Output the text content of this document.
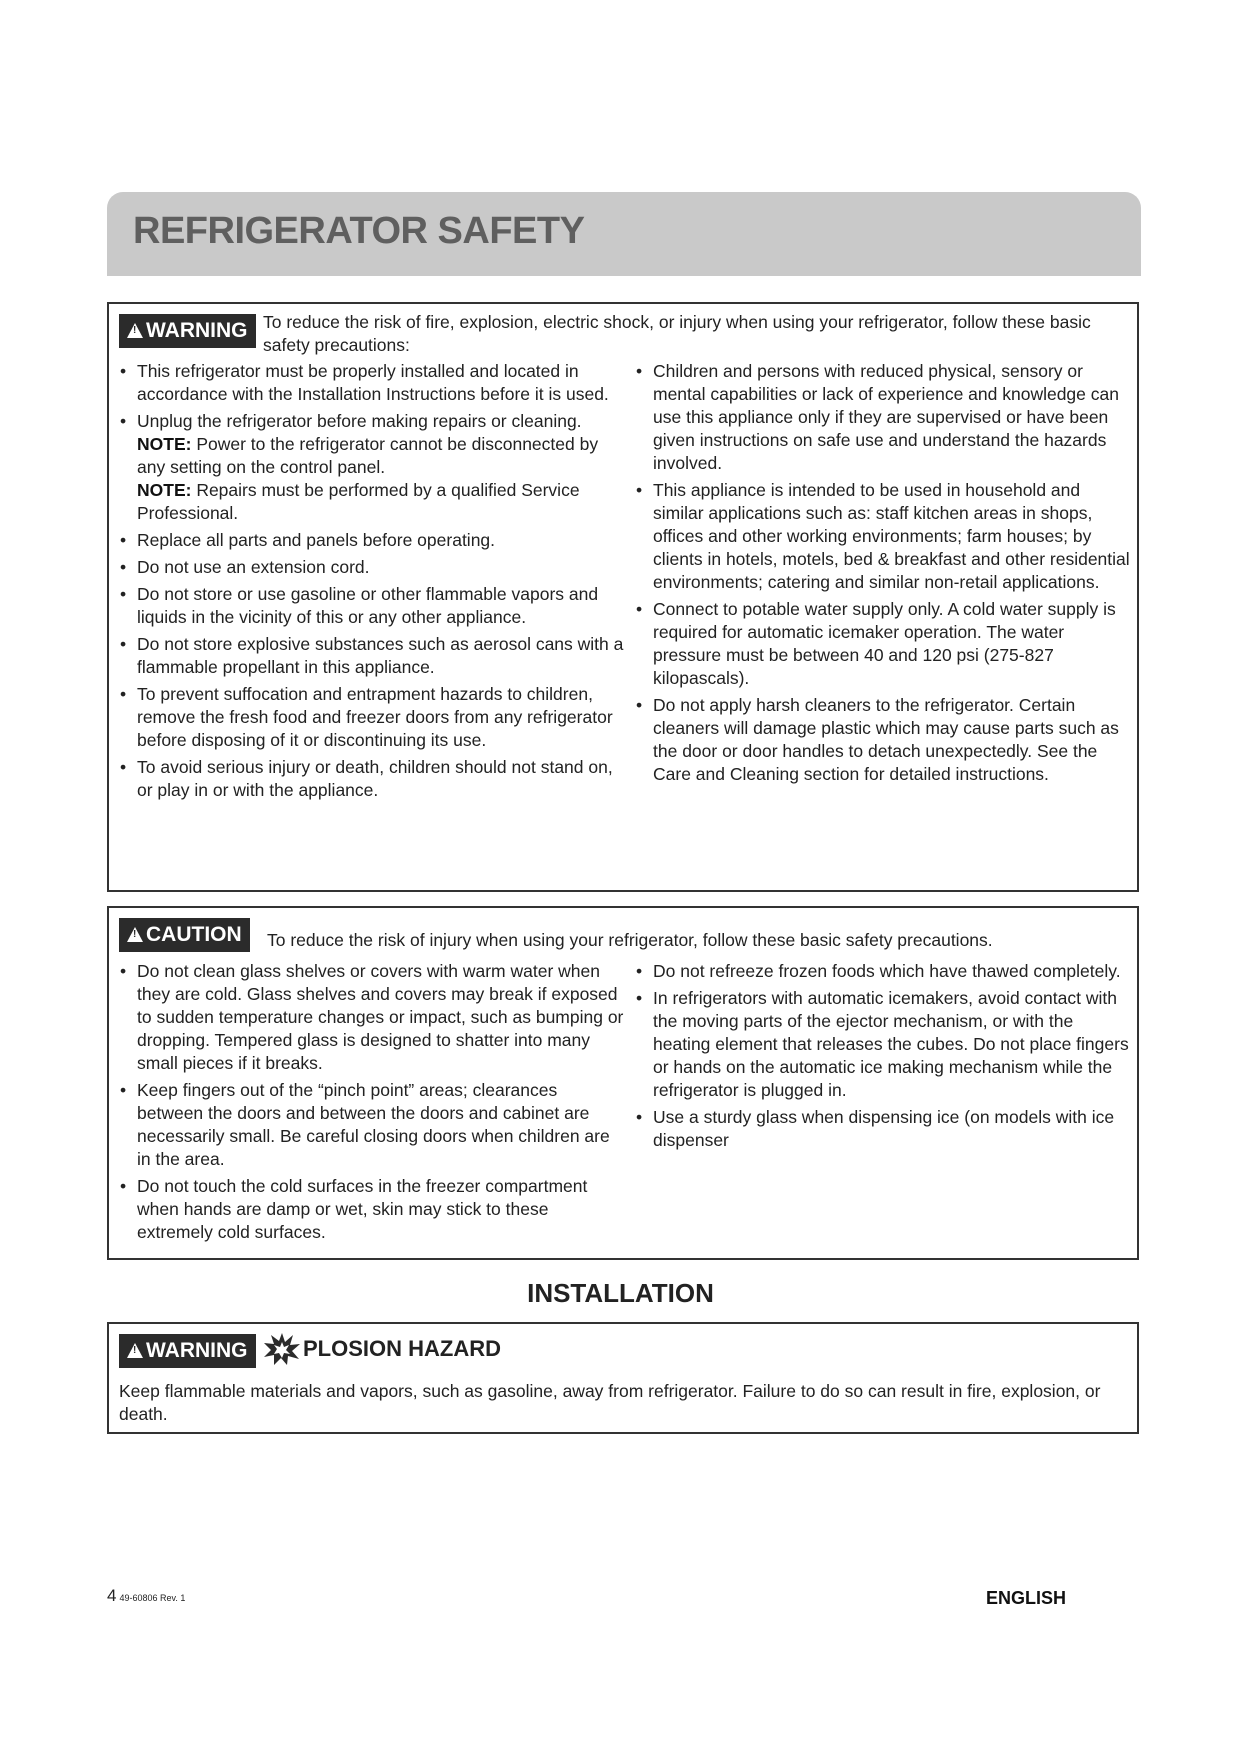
REFRIGERATOR SAFETY
!WARNING To reduce the risk of fire, explosion, electric shock, or injury when using your refrigerator, follow these basic safety precautions:
• This refrigerator must be properly installed and located in accordance with the Installation Instructions before it is used.
• Unplug the refrigerator before making repairs or cleaning.
NOTE: Power to the refrigerator cannot be disconnected by any setting on the control panel.
NOTE: Repairs must be performed by a qualified Service Professional.
• Replace all parts and panels before operating.
• Do not use an extension cord.
• Do not store or use gasoline or other flammable vapors and liquids in the vicinity of this or any other appliance.
• Do not store explosive substances such as aerosol cans with a flammable propellant in this appliance.
• To prevent suffocation and entrapment hazards to children, remove the fresh food and freezer doors from any refrigerator before disposing of it or discontinuing its use.
• To avoid serious injury or death, children should not stand on, or play in or with the appliance.
• Children and persons with reduced physical, sensory or mental capabilities or lack of experience and knowledge can use this appliance only if they are supervised or have been given instructions on safe use and understand the hazards involved.
• This appliance is intended to be used in household and similar applications such as: staff kitchen areas in shops, offices and other working environments; farm houses; by clients in hotels, motels, bed & breakfast and other residential environments; catering and similar non-retail applications.
• Connect to potable water supply only. A cold water supply is required for automatic icemaker operation. The water pressure must be between 40 and 120 psi (275-827 kilopascals).
• Do not apply harsh cleaners to the refrigerator. Certain cleaners will damage plastic which may cause parts such as the door or door handles to detach unexpectedly. See the Care and Cleaning section for detailed instructions.
!CAUTION	To reduce the risk of injury when using your refrigerator, follow these basic safety precautions.
• Do not clean glass shelves or covers with warm water when they are cold. Glass shelves and covers may break if exposed to sudden temperature changes or impact, such as bumping or dropping. Tempered glass is designed to shatter into many small pieces if it breaks.
• Keep fingers out of the “pinch point” areas; clearances between the doors and between the doors and cabinet are necessarily small. Be careful closing doors when children are in the area.
• Do not touch the cold surfaces in the freezer compartment when hands are damp or wet, skin may stick to these extremely cold surfaces.
• Do not refreeze frozen foods which have thawed completely.
• In refrigerators with automatic icemakers, avoid contact with the moving parts of the ejector mechanism, or with the heating element that releases the cubes. Do not place fingers or hands on the automatic ice making mechanism while the refrigerator is plugged in.
• Use a sturdy glass when dispensing ice (on models with ice dispenser
INSTALLATION
!WARNING	PLOSION HAZARD
Keep flammable materials and vapors, such as gasoline, away from refrigerator. Failure to do so can result in fire, explosion, or death.
4 49-60806 Rev. 1	ENGLISH
